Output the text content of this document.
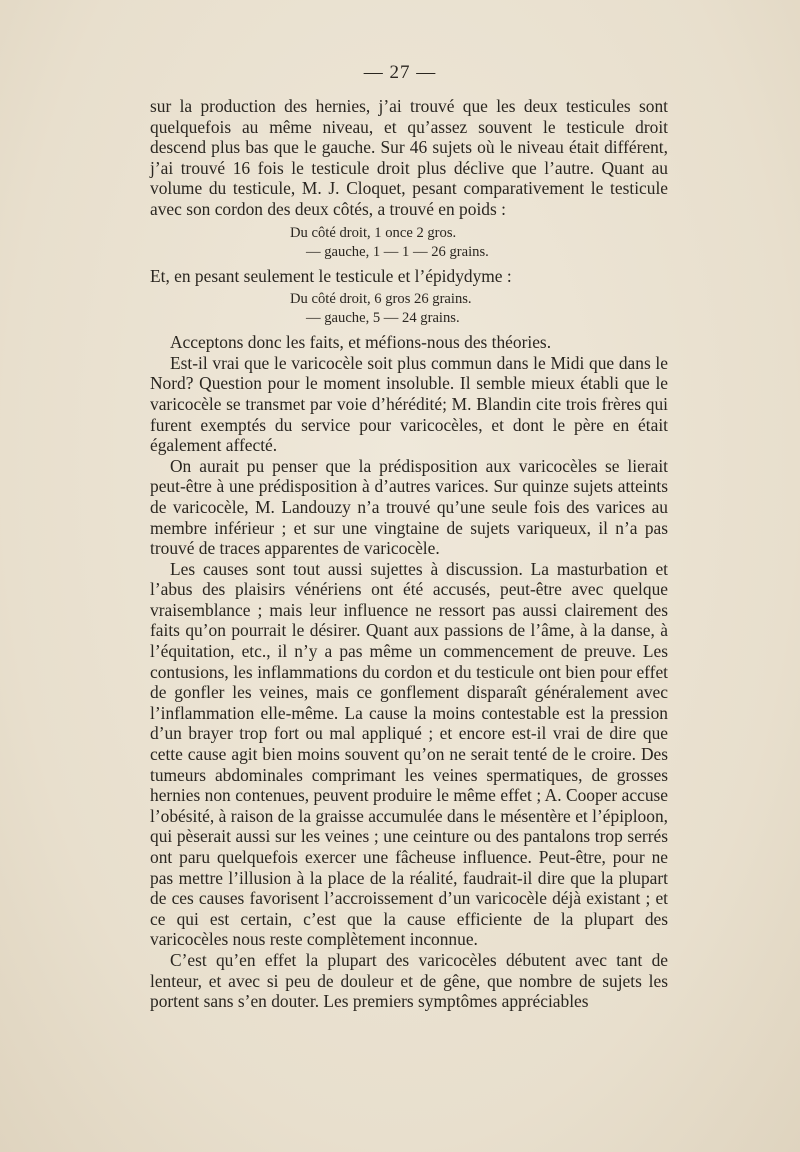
— 27 —

sur la production des hernies, j’ai trouvé que les deux testicules sont quelquefois au même niveau, et qu’assez souvent le testicule droit descend plus bas que le gauche. Sur 46 sujets où le niveau était différent, j’ai trouvé 16 fois le testicule droit plus déclive que l’autre. Quant au volume du testicule, M. J. Cloquet, pesant comparativement le testicule avec son cordon des deux côtés, a trouvé en poids :

Du côté droit, 1 once 2 gros.
— gauche, 1 — 1 — 26 grains.

Et, en pesant seulement le testicule et l’épidydyme :

Du côté droit, 6 gros 26 grains.
— gauche, 5 — 24 grains.

Acceptons donc les faits, et méfions-nous des théories.

Est-il vrai que le varicocèle soit plus commun dans le Midi que dans le Nord? Question pour le moment insoluble. Il semble mieux établi que le varicocèle se transmet par voie d’hérédité; M. Blandin cite trois frères qui furent exemptés du service pour varicocèles, et dont le père en était également affecté.

On aurait pu penser que la prédisposition aux varicocèles se lierait peut-être à une prédisposition à d’autres varices. Sur quinze sujets atteints de varicocèle, M. Landouzy n’a trouvé qu’une seule fois des varices au membre inférieur ; et sur une vingtaine de sujets variqueux, il n’a pas trouvé de traces apparentes de varicocèle.

Les causes sont tout aussi sujettes à discussion. La masturbation et l’abus des plaisirs vénériens ont été accusés, peut-être avec quelque vraisemblance ; mais leur influence ne ressort pas aussi clairement des faits qu’on pourrait le désirer. Quant aux passions de l’âme, à la danse, à l’équitation, etc., il n’y a pas même un commencement de preuve. Les contusions, les inflammations du cordon et du testicule ont bien pour effet de gonfler les veines, mais ce gonflement disparaît généralement avec l’inflammation elle-même. La cause la moins contestable est la pression d’un brayer trop fort ou mal appliqué ; et encore est-il vrai de dire que cette cause agit bien moins souvent qu’on ne serait tenté de le croire. Des tumeurs abdominales comprimant les veines spermatiques, de grosses hernies non contenues, peuvent produire le même effet ; A. Cooper accuse l’obésité, à raison de la graisse accumulée dans le mésentère et l’épiploon, qui pèserait aussi sur les veines ; une ceinture ou des pantalons trop serrés ont paru quelquefois exercer une fâcheuse influence. Peut-être, pour ne pas mettre l’illusion à la place de la réalité, faudrait-il dire que la plupart de ces causes favorisent l’accroissement d’un varicocèle déjà existant ; et ce qui est certain, c’est que la cause efficiente de la plupart des varicocèles nous reste complètement inconnue.

C’est qu’en effet la plupart des varicocèles débutent avec tant de lenteur, et avec si peu de douleur et de gêne, que nombre de sujets les portent sans s’en douter. Les premiers symptômes appréciables
